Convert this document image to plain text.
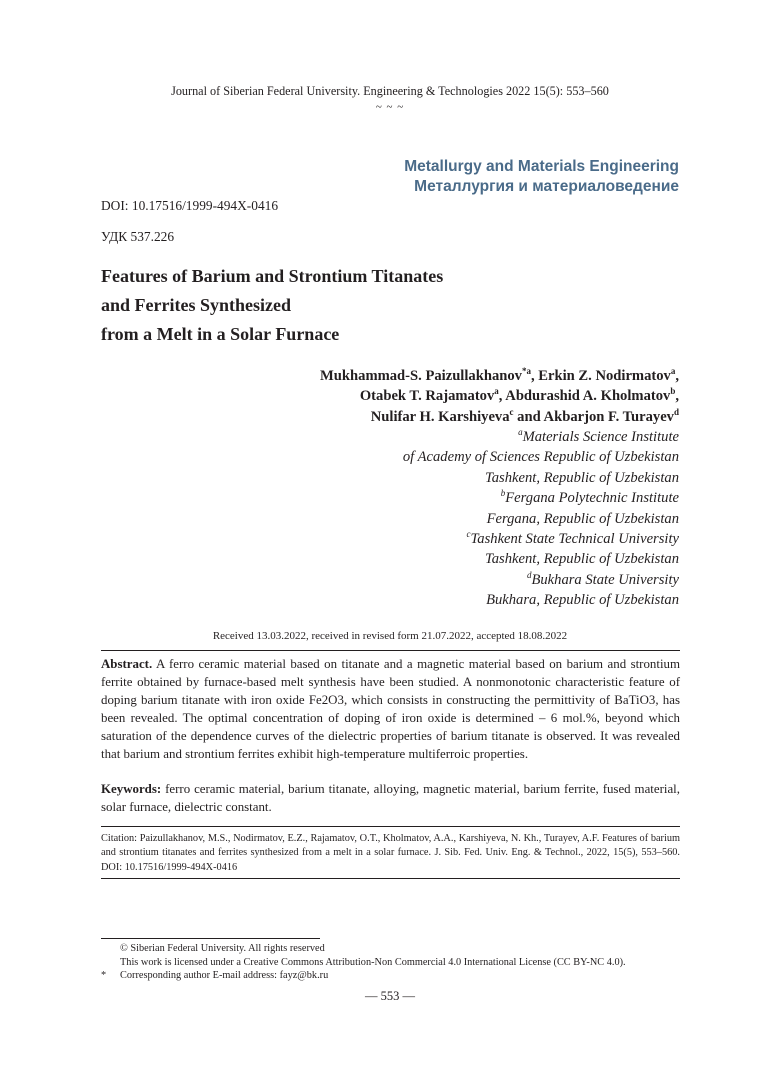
Journal of Siberian Federal University. Engineering & Technologies 2022 15(5): 553–560
~ ~ ~
Metallurgy and Materials Engineering
Металлургия и материаловедение
DOI: 10.17516/1999-494X-0416
УДК 537.226
Features of Barium and Strontium Titanates
and Ferrites Synthesized
from a Melt in a Solar Furnace
Mukhammad-S. Paizullakhanov$^{*a}$, Erkin Z. Nodirmatov$^a$,
Otabek T. Rajamatov$^a$, Abdurashid A. Kholmatov$^b$,
Nulifar H. Karshiyeva$^c$ and Akbarjon F. Turayev$^d$
$^a$Materials Science Institute
of Academy of Sciences Republic of Uzbekistan
Tashkent, Republic of Uzbekistan
$^b$Fergana Polytechnic Institute
Fergana, Republic of Uzbekistan
$^c$Tashkent State Technical University
Tashkent, Republic of Uzbekistan
$^d$Bukhara State University
Bukhara, Republic of Uzbekistan
Received 13.03.2022, received in revised form 21.07.2022, accepted 18.08.2022
Abstract. A ferro ceramic material based on titanate and a magnetic material based on barium and strontium ferrite obtained by furnace-based melt synthesis have been studied. A nonmonotonic characteristic feature of doping barium titanate with iron oxide Fe2O3, which consists in constructing the permittivity of BaTiO3, has been revealed. The optimal concentration of doping of iron oxide is determined – 6 mol.%, beyond which saturation of the dependence curves of the dielectric properties of barium titanate is observed. It was revealed that barium and strontium ferrites exhibit high-temperature multiferroic properties.
Keywords: ferro ceramic material, barium titanate, alloying, magnetic material, barium ferrite, fused material, solar furnace, dielectric constant.
Citation: Paizullakhanov, M.S., Nodirmatov, E.Z., Rajamatov, O.T., Kholmatov, A.A., Karshiyeva, N. Kh., Turayev, A.F. Features of barium and strontium titanates and ferrites synthesized from a melt in a solar furnace. J. Sib. Fed. Univ. Eng. & Technol., 2022, 15(5), 553–560. DOI: 10.17516/1999-494X-0416
© Siberian Federal University. All rights reserved
This work is licensed under a Creative Commons Attribution-Non Commercial 4.0 International License (CC BY-NC 4.0).
* Corresponding author E-mail address: fayz@bk.ru
— 553 —
